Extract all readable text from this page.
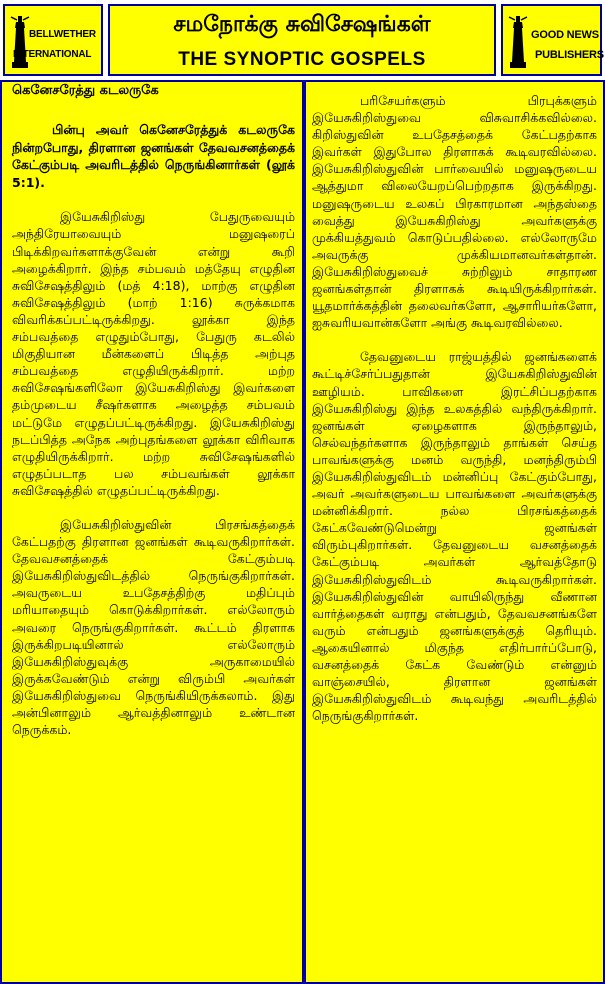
BELLWETHER
INTERNATIONAL
சமநோக்கு சுவிசேஷங்கள்
THE SYNOPTIC GOSPELS
GOOD NEWS
PUBLISHERS

கெனேசரேத்து கடலருகே

பின்பு அவர் கெனேசரேத்துக் கடலருகே நின்றபோது, திரளான ஜனங்கள் தேவவசனத்தைக் கேட்கும்படி அவரிடத்தில் நெருங்கினார்கள் (லூக் 5:1).

இயேசுகிறிஸ்து பேதுருவையும் அந்திரேயாவையும் மனுஷரைப் பிடிக்கிறவர்களாக்குவேன் என்று கூறி அழைக்கிறார். இந்த சம்பவம் மத்தேயு எழுதின சுவிசேஷத்திலும் (மத் 4:18), மாற்கு எழுதின சுவிசேஷத்திலும் (மாற் 1:16) சுருக்கமாக விவரிக்கப்பட்டிருக்கிறது. லூக்கா இந்த சம்பவத்தை எழுதும்போது, பேதுரு கடலில் மிகுதியான மீன்களைப் பிடித்த அற்புத சம்பவத்தை எழுதியிருக்கிறார். மற்ற சுவிசேஷங்களிலோ இயேசுகிறிஸ்து இவர்களை தம்முடைய சீஷர்களாக அழைத்த சம்பவம் மட்டுமே எழுதப்பட்டிருக்கிறது. இயேசுகிறிஸ்து நடப்பித்த அநேக அற்புதங்களை லூக்கா விரிவாக எழுதியிருக்கிறார். மற்ற சுவிசேஷங்களில் எழுதப்படாத பல சம்பவங்கள் லூக்கா சுவிசேஷத்தில் எழுதப்பட்டிருக்கிறது.

இயேசுகிறிஸ்துவின் பிரசங்கத்தைக் கேட்பதற்கு திரளான ஜனங்கள் கூடிவருகிறார்கள். தேவவசனத்தைக் கேட்கும்படி இயேசுகிறிஸ்துவிடத்தில் நெருங்குகிறார்கள். அவருடைய உபதேசத்திற்கு மதிப்பும் மரியாதையும் கொடுக்கிறார்கள். எல்லோரும் அவரை நெருங்குகிறார்கள். கூட்டம் திரளாக இருக்கிறபடியினால் எல்லோரும் இயேசுகிறிஸ்துவுக்கு அருகாமையில் இருக்கவேண்டும் என்று விரும்பி அவர்கள் இயேசுகிறிஸ்துவை நெருங்கியிருக்கலாம். இது அன்பினாலும் ஆர்வத்தினாலும் உண்டான நெருக்கம்.

பரிசேயர்களும் பிரபுக்களும் இயேசுகிறிஸ்துவை விசுவாசிக்கவில்லை. கிறிஸ்துவின் உபதேசத்தைக் கேட்பதற்காக இவர்கள் இதுபோல திரளாகக் கூடிவரவில்லை. இயேசுகிறிஸ்துவின் பார்வையில் மனுஷருடைய ஆத்துமா விலையேறப்பெற்றதாக இருக்கிறது. மனுஷருடைய உலகப் பிரகாரமான அந்தஸ்தை வைத்து இயேசுகிறிஸ்து அவர்களுக்கு முக்கியத்துவம் கொடுப்பதில்லை. எல்லோருமே அவருக்கு முக்கியமானவர்கள்தான். இயேசுகிறிஸ்துவைச் சுற்றிலும் சாதாரண ஜனங்கள்தான் திரளாகக் கூடியிருக்கிறார்கள். யூதமார்க்கத்தின் தலைவர்களோ, ஆசாரியர்களோ, ஐசுவரியவான்களோ அங்கு கூடிவரவில்லை.

தேவனுடைய ராஜ்யத்தில் ஜனங்களைக் கூட்டிச்சேர்ப்பதுதான் இயேசுகிறிஸ்துவின் ஊழியம். பாவிகளை இரட்சிப்பதற்காக இயேசுகிறிஸ்து இந்த உலகத்தில் வந்திருக்கிறார். ஜனங்கள் ஏழைகளாக இருந்தாலும், செல்வந்தர்களாக இருந்தாலும் தாங்கள் செய்த பாவங்களுக்கு மனம் வருந்தி, மனந்திரும்பி இயேசுகிறிஸ்துவிடம் மன்னிப்பு கேட்கும்போது, அவர் அவர்களுடைய பாவங்களை அவர்களுக்கு மன்னிக்கிறார். நல்ல பிரசங்கத்தைக் கேட்கவேண்டுமென்று ஜனங்கள் விரும்புகிறார்கள். தேவனுடைய வசனத்தைக் கேட்கும்படி அவர்கள் ஆர்வத்தோடு இயேசுகிறிஸ்துவிடம் கூடிவருகிறார்கள். இயேசுகிறிஸ்துவின் வாயிலிருந்து வீணான வார்த்தைகள் வராது என்பதும், தேவவசனங்களே வரும் என்பதும் ஜனங்களுக்குத் தெரியும். ஆகையினால் மிகுந்த எதிர்பார்ப்போடு, வசனத்தைக் கேட்க வேண்டும் என்னும் வாஞ்சையில், திரளான ஜனங்கள் இயேசுகிறிஸ்துவிடம் கூடிவந்து அவரிடத்தில் நெருங்குகிறார்கள்.
